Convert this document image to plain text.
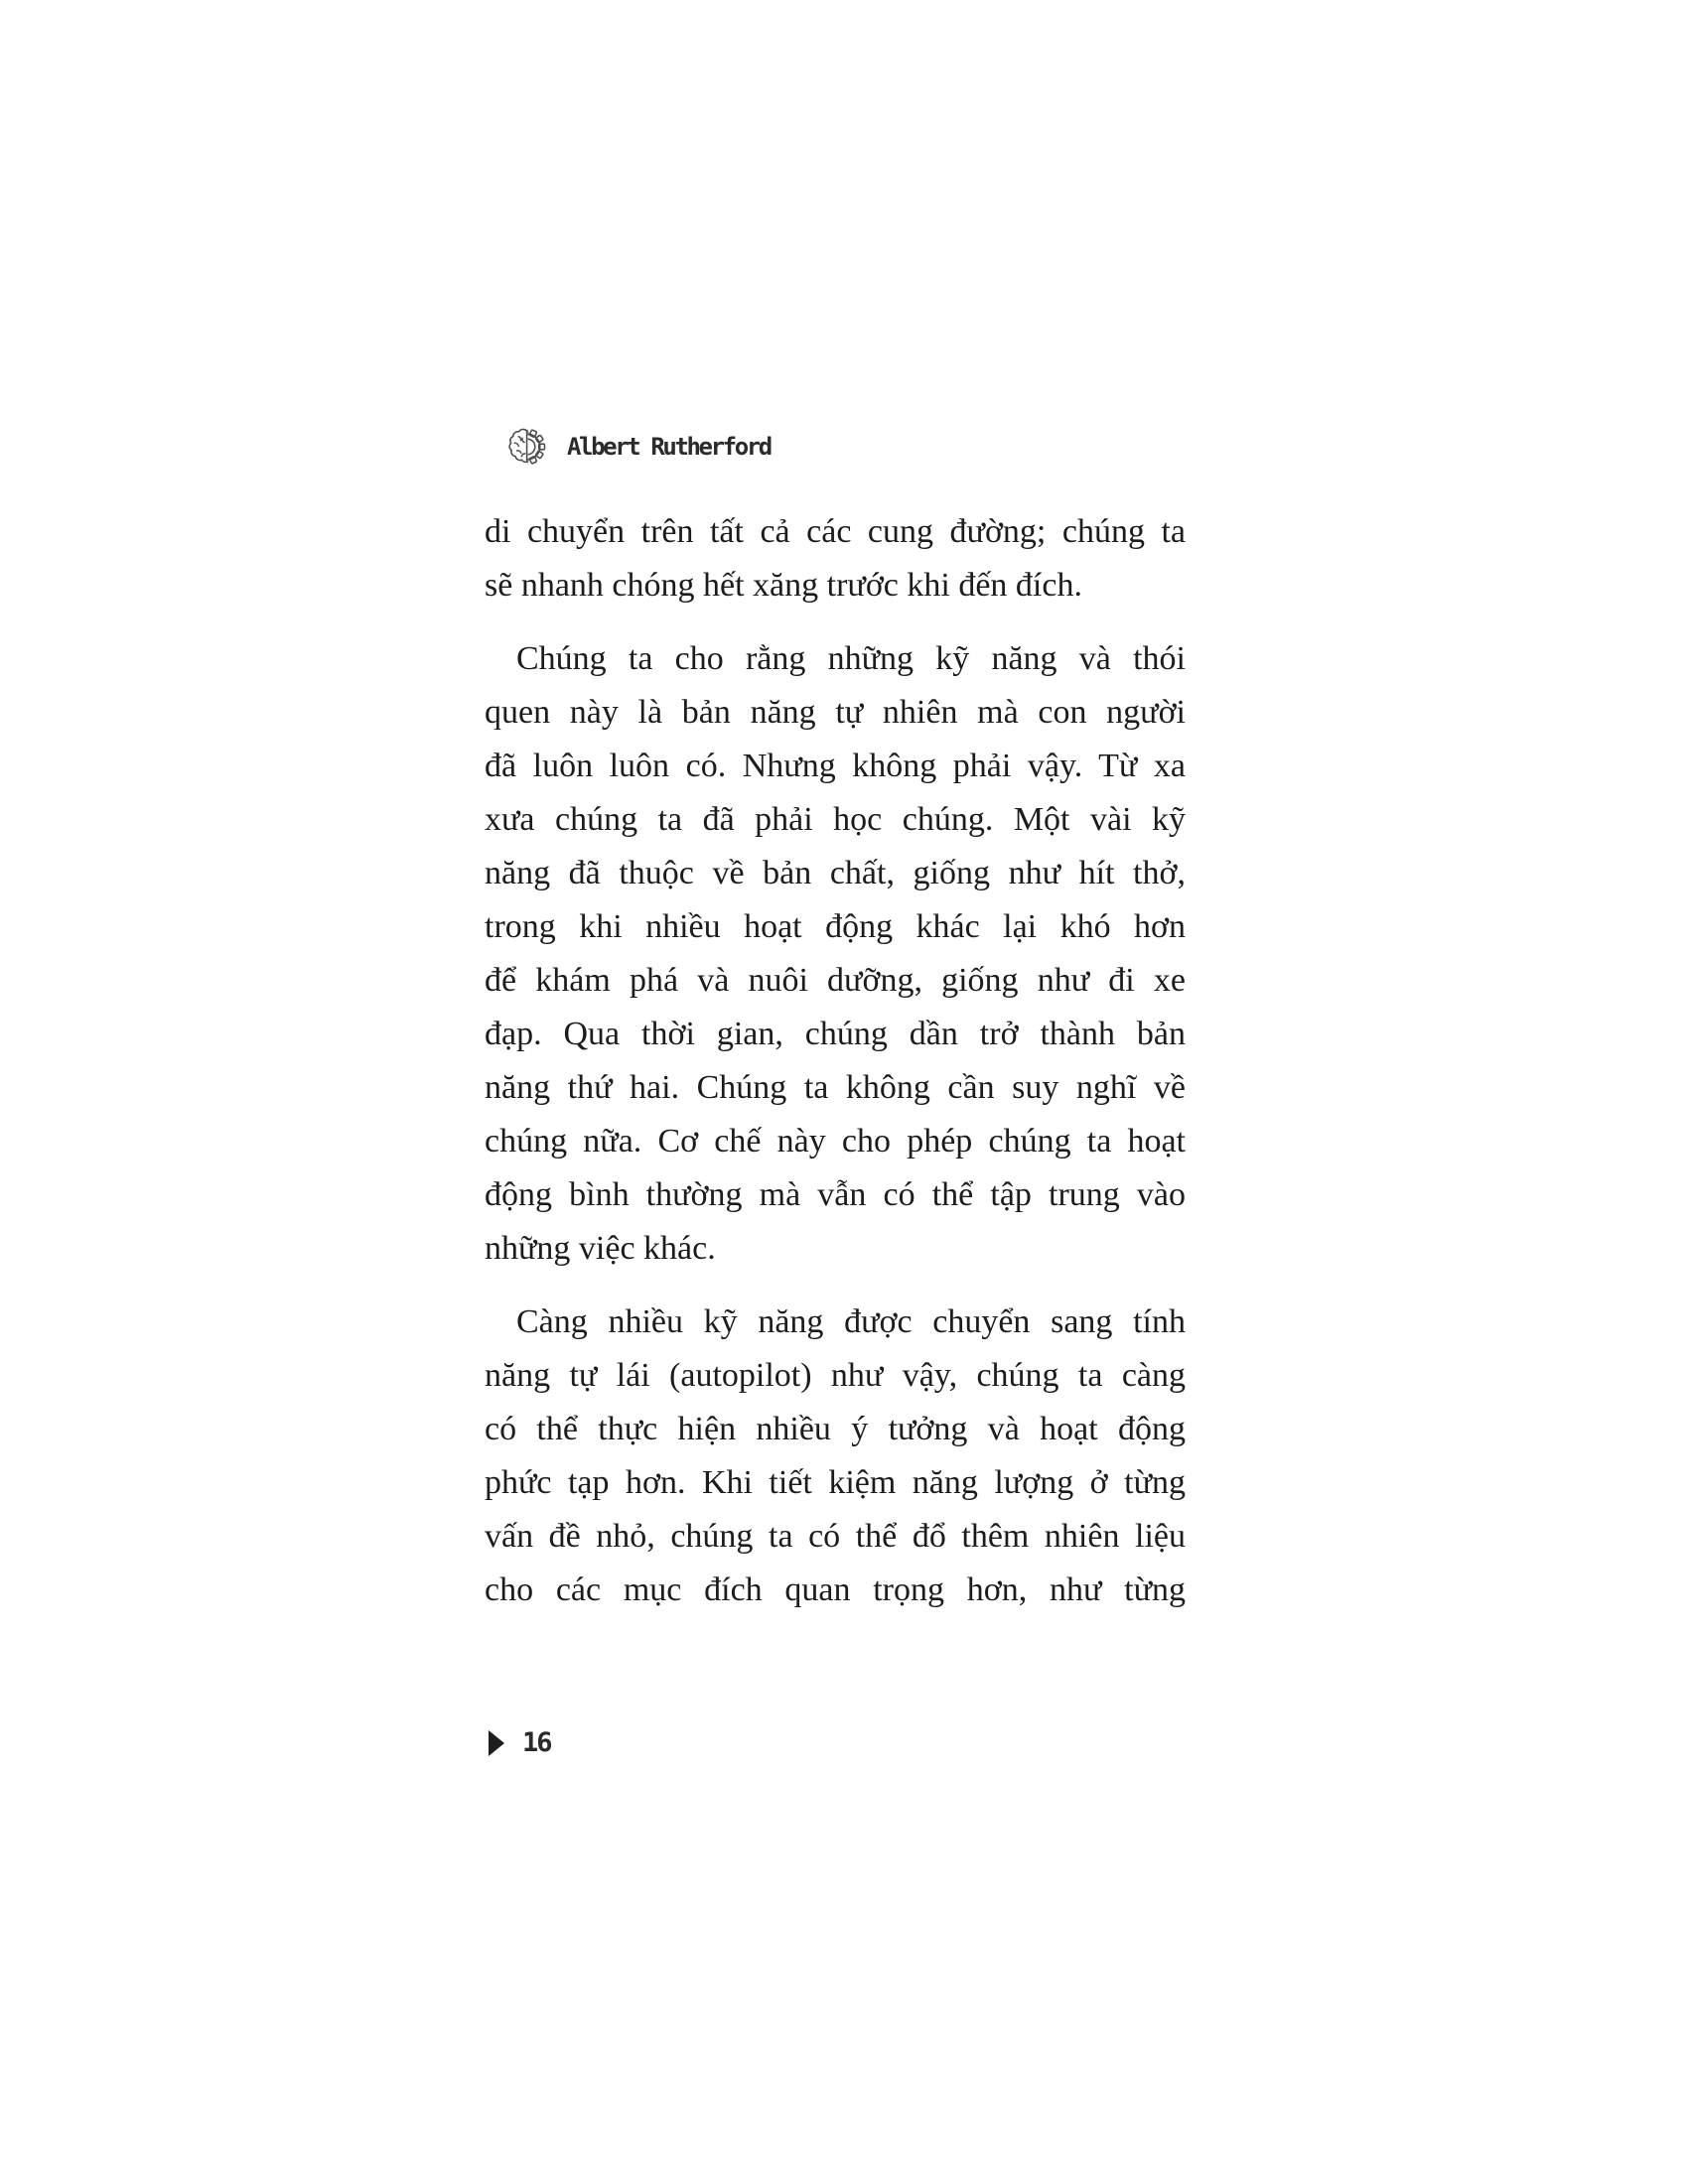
Albert Rutherford
di chuyển trên tất cả các cung đường; chúng ta
sẽ nhanh chóng hết xăng trước khi đến đích.
Chúng ta cho rằng những kỹ năng và thói
quen này là bản năng tự nhiên mà con người
đã luôn luôn có. Nhưng không phải vậy. Từ xa
xưa chúng ta đã phải học chúng. Một vài kỹ
năng đã thuộc về bản chất, giống như hít thở,
trong khi nhiều hoạt động khác lại khó hơn
để khám phá và nuôi dưỡng, giống như đi xe
đạp. Qua thời gian, chúng dần trở thành bản
năng thứ hai. Chúng ta không cần suy nghĩ về
chúng nữa. Cơ chế này cho phép chúng ta hoạt
động bình thường mà vẫn có thể tập trung vào
những việc khác.
Càng nhiều kỹ năng được chuyển sang tính
năng tự lái (autopilot) như vậy, chúng ta càng
có thể thực hiện nhiều ý tưởng và hoạt động
phức tạp hơn. Khi tiết kiệm năng lượng ở từng
vấn đề nhỏ, chúng ta có thể đổ thêm nhiên liệu
cho các mục đích quan trọng hơn, như từng
16
